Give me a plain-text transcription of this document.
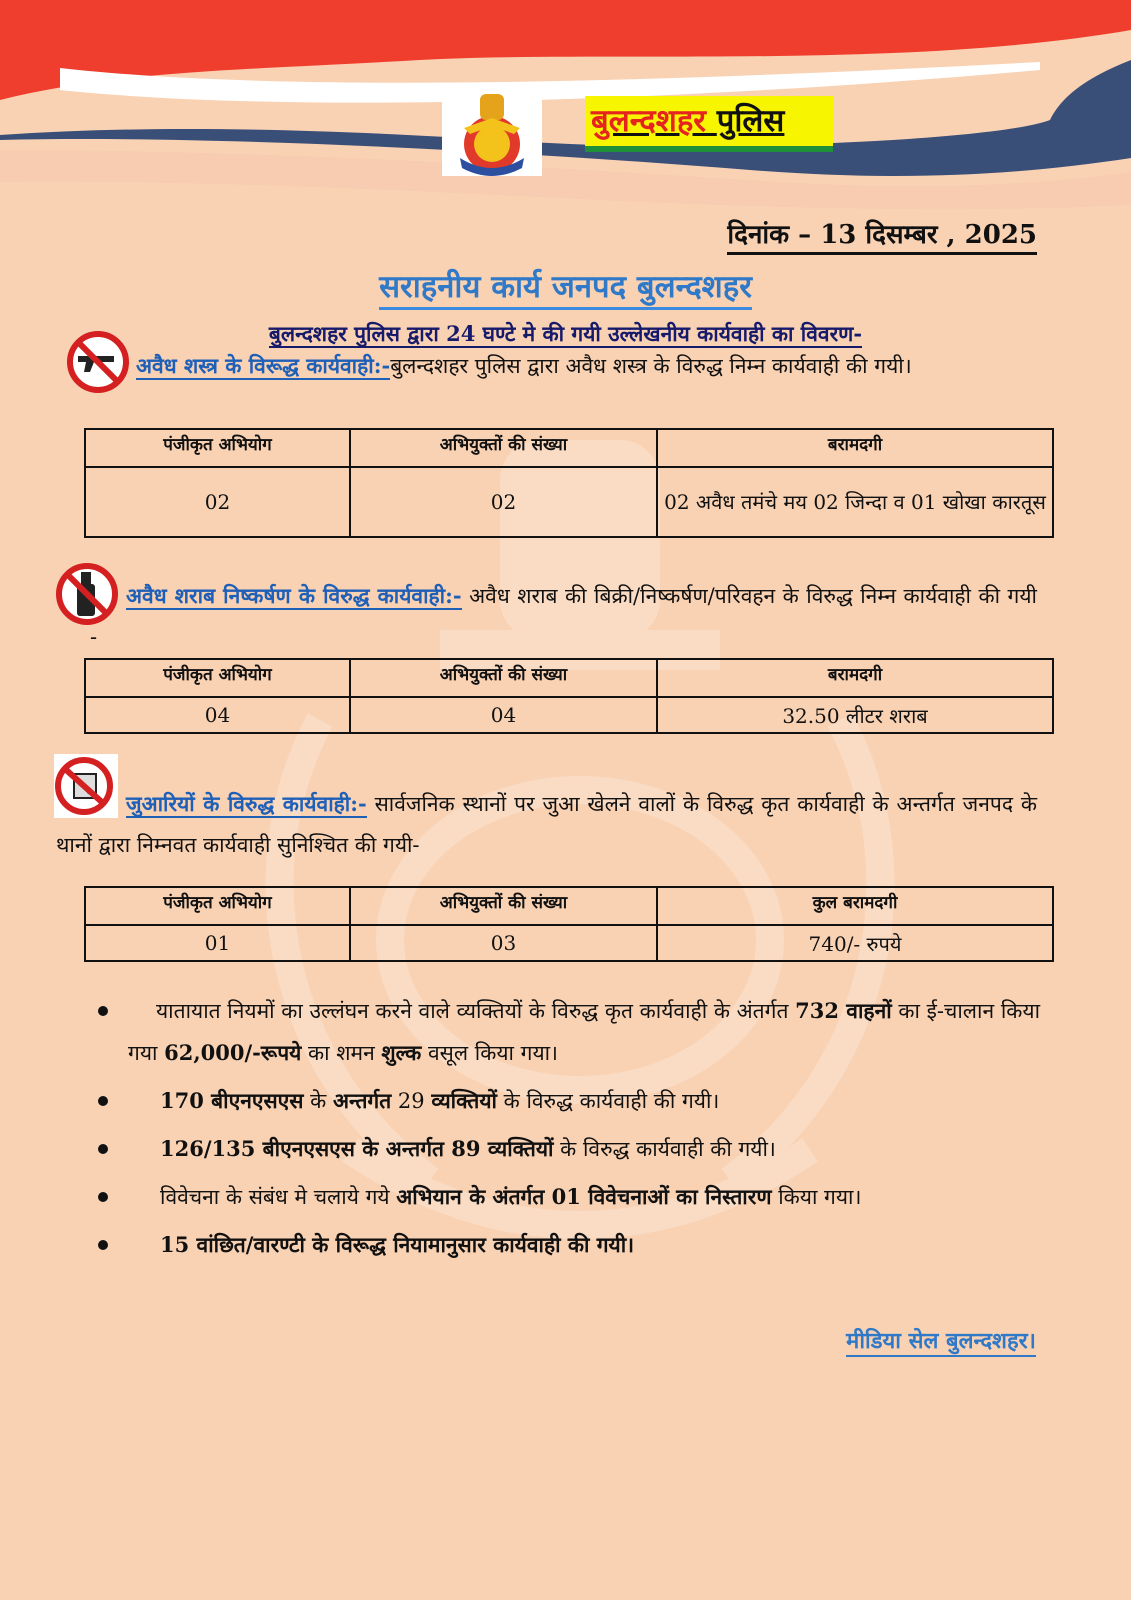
बुलन्दशहर पुलिस
दिनांक – 13 दिसम्बर , 2025
सराहनीय कार्य जनपद बुलन्दशहर
बुलन्दशहर पुलिस द्वारा 24 घण्टे मे की गयी उल्लेखनीय कार्यवाही का विवरण-
अवैध शस्त्र के विरूद्ध कार्यवाही:-बुलन्दशहर पुलिस द्वारा अवैध शस्त्र के विरुद्ध निम्न कार्यवाही की गयी।
पंजीकृत अभियोग	अभियुक्तों की संख्या	बरामदगी
02	02	02 अवैध तमंचे मय 02 जिन्दा व 01 खोखा कारतूस
अवैध शराब निष्कर्षण के विरुद्ध कार्यवाही:- अवैध शराब की बिक्री/निष्कर्षण/परिवहन के विरुद्ध निम्न कार्यवाही की गयी -
पंजीकृत अभियोग	अभियुक्तों की संख्या	बरामदगी
04	04	32.50 लीटर शराब
जुआरियों के विरुद्ध कार्यवाही:- सार्वजनिक स्थानों पर जुआ खेलने वालों के विरुद्ध कृत कार्यवाही के अन्तर्गत जनपद के थानों द्वारा निम्नवत कार्यवाही सुनिश्चित की गयी-
पंजीकृत अभियोग	अभियुक्तों की संख्या	कुल बरामदगी
01	03	740/- रुपये
यातायात नियमों का उल्लंघन करने वाले व्यक्तियों के विरुद्ध कृत कार्यवाही के अंतर्गत 732 वाहनों का ई-चालान किया गया 62,000/-रूपये का शमन शुल्क वसूल किया गया।
170 बीएनएसएस के अन्तर्गत 29 व्यक्तियों के विरुद्ध कार्यवाही की गयी।
126/135 बीएनएसएस के अन्तर्गत 89 व्यक्तियों के विरुद्ध कार्यवाही की गयी।
विवेचना के संबंध मे चलाये गये अभियान के अंतर्गत 01 विवेचनाओं का निस्तारण किया गया।
15 वांछित/वारण्टी के विरूद्ध नियामानुसार कार्यवाही की गयी।
मीडिया सेल बुलन्दशहर।
